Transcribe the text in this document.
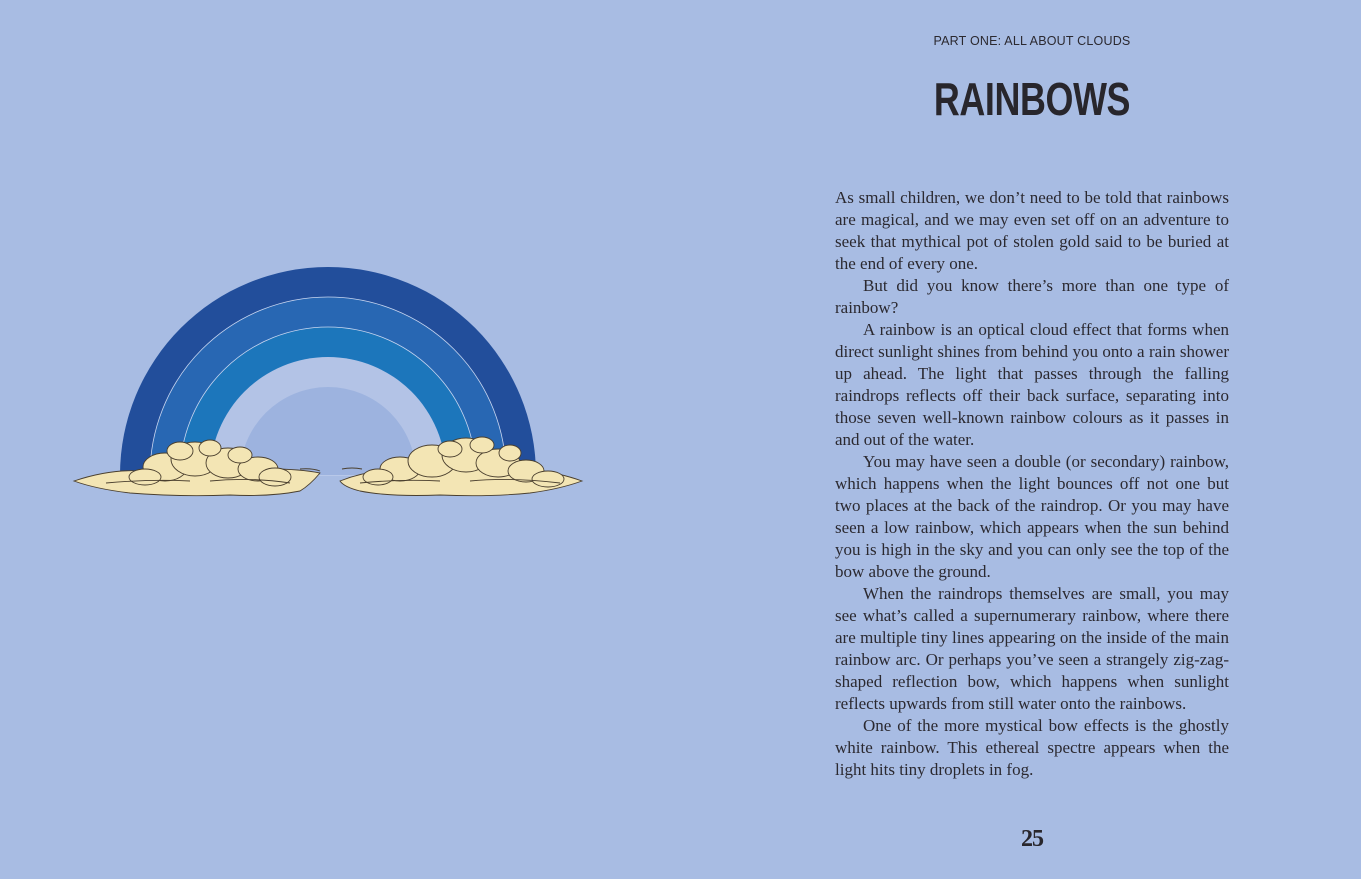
PART ONE: ALL ABOUT CLOUDS
RAINBOWS

As small children, we don’t need to be told that rainbows are magical, and we may even set off on an adventure to seek that mythical pot of stolen gold said to be buried at the end of every one.

But did you know there’s more than one type of rainbow?

A rainbow is an optical cloud effect that forms when direct sunlight shines from behind you onto a rain shower up ahead. The light that passes through the falling raindrops reflects off their back surface, separating into those seven well-known rainbow colours as it passes in and out of the water.

You may have seen a double (or secondary) rainbow, which happens when the light bounces off not one but two places at the back of the raindrop. Or you may have seen a low rainbow, which appears when the sun behind you is high in the sky and you can only see the top of the bow above the ground.

When the raindrops themselves are small, you may see what’s called a supernumerary rainbow, where there are multiple tiny lines appearing on the inside of the main rainbow arc. Or perhaps you’ve seen a strangely zig-zag-shaped reflection bow, which happens when sunlight reflects upwards from still water onto the rainbows.

One of the more mystical bow effects is the ghostly white rainbow. This ethereal spectre appears when the light hits tiny droplets in fog.

25
